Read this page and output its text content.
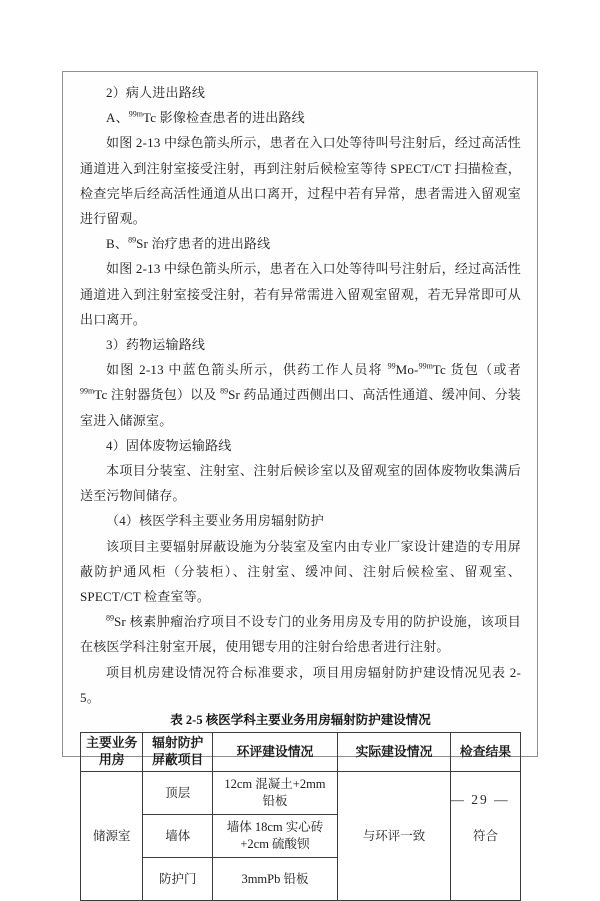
2）病人进出路线

A、$^{99m}$Tc 影像检查患者的进出路线

如图 2-13 中绿色箭头所示，患者在入口处等待叫号注射后，经过高活性通道进入到注射室接受注射，再到注射后候检室等待 SPECT/CT 扫描检查，检查完毕后经高活性通道从出口离开，过程中若有异常，患者需进入留观室进行留观。

B、$^{89}$Sr 治疗患者的进出路线

如图 2-13 中绿色箭头所示，患者在入口处等待叫号注射后，经过高活性通道进入到注射室接受注射，若有异常需进入留观室留观，若无异常即可从出口离开。

3）药物运输路线

如图 2-13 中蓝色箭头所示，供药工作人员将 $^{99}$Mo-$^{99m}$Tc 货包（或者 $^{99m}$Tc 注射器货包）以及 $^{89}$Sr 药品通过西侧出口、高活性通道、缓冲间、分装室进入储源室。

4）固体废物运输路线

本项目分装室、注射室、注射后候诊室以及留观室的固体废物收集满后送至污物间储存。

（4）核医学科主要业务用房辐射防护

该项目主要辐射屏蔽设施为分装室及室内由专业厂家设计建造的专用屏蔽防护通风柜（分装柜）、注射室、缓冲间、注射后候检室、留观室、SPECT/CT 检查室等。

$^{89}$Sr 核素肿瘤治疗项目不设专门的业务用房及专用的防护设施，该项目在核医学科注射室开展，使用锶专用的注射台给患者进行注射。

项目机房建设情况符合标准要求，项目用房辐射防护建设情况见表 2-5。

表 2-5 核医学科主要业务用房辐射防护建设情况
主要业务用房	辐射防护屏蔽项目	环评建设情况	实际建设情况	检查结果
储源室	顶层	12cm 混凝土+2mm 铅板	与环评一致	符合
	墙体	墙体 18cm 实心砖 +2cm 硫酸钡		
	防护门	3mmPb 铅板		
— 29 —
